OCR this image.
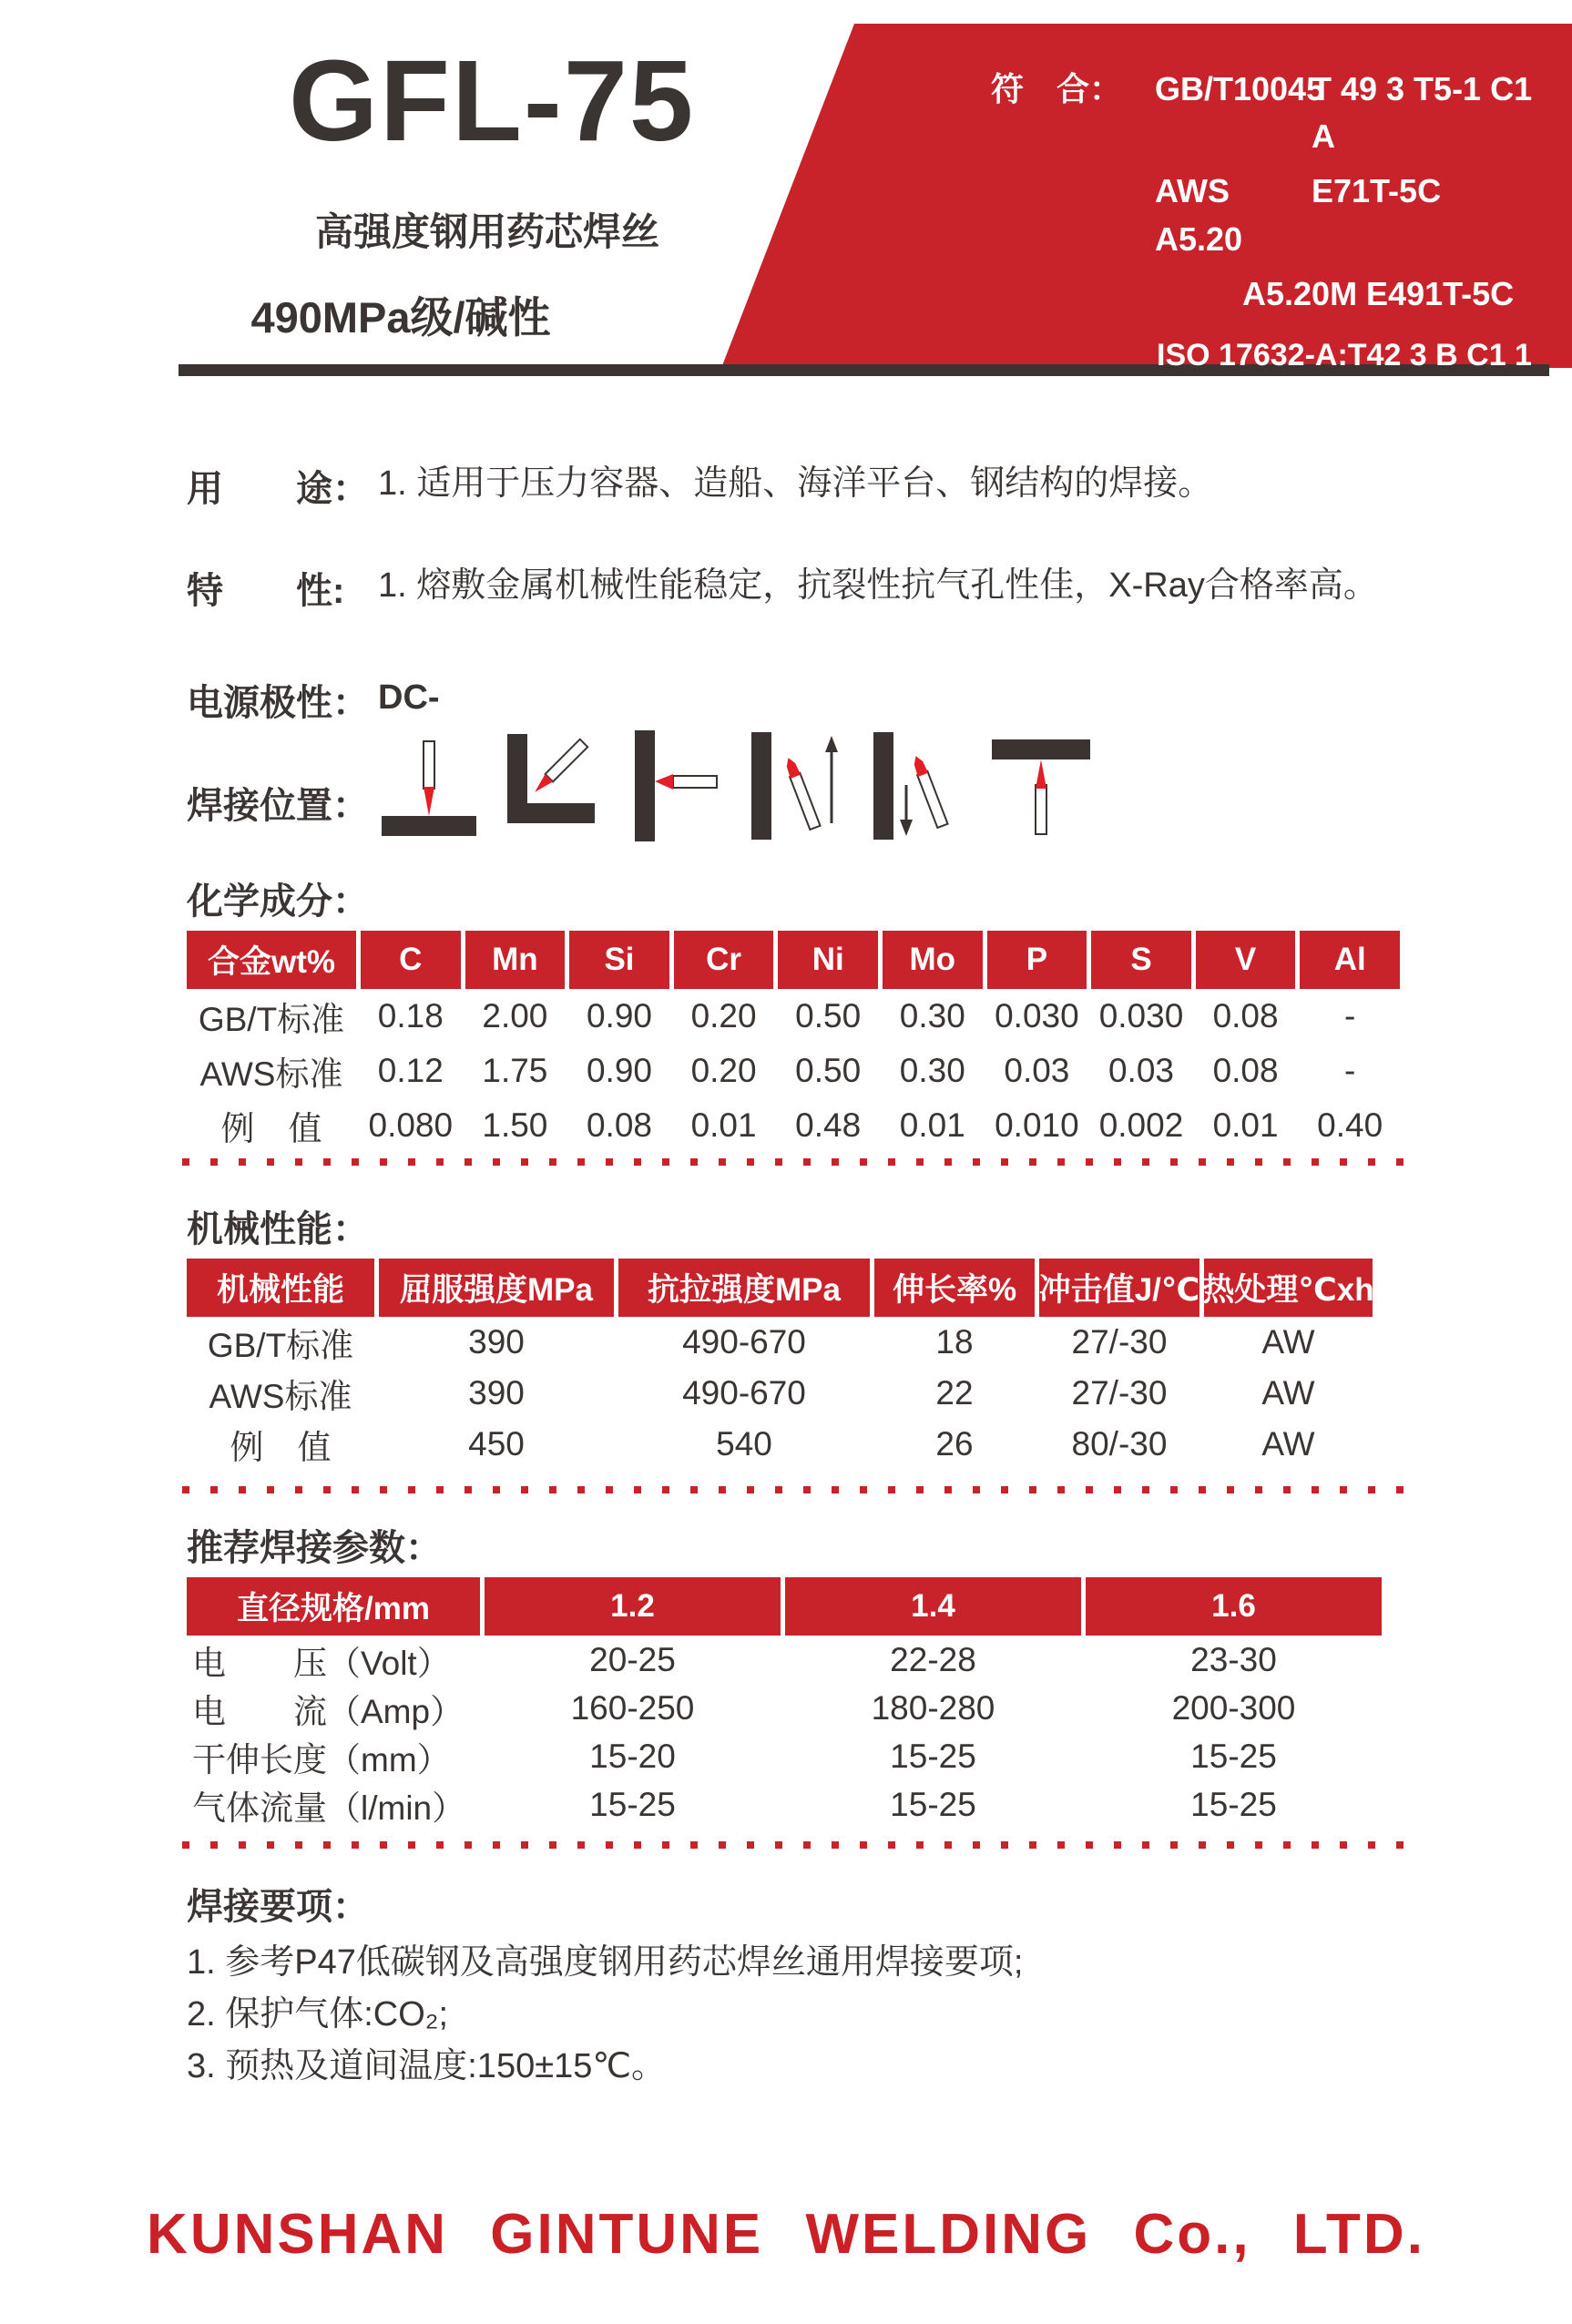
GFL-75
高强度钢用药芯焊丝
490MPa级/碱性
符　合： GB/T10045
T 49 3 T5-1 C1 A
AWS A5.20
E71T-5C
A5.20M E491T-5C
ISO 17632-A:T42 3 B C1 1
ISO 17632-B:T493T5-1C1-A
用　　途： 1. 适用于压力容器、造船、海洋平台、钢结构的焊接。
特　　性: 1. 熔敷金属机械性能稳定，抗裂性抗气孔性佳，X-Ray合格率高。
电源极性： DC-
焊接位置：
化学成分：
合金wt%	C	Mn	Si	Cr	Ni	Mo	P	S	V	Al
GB/T标准 0.18	2.00	0.90	0.20	0.50	0.30 0.030 0.030 0.08	-
AWS标准	0.12	1.75	0.90	0.20	0.50	0.30	0.03	0.03	0.08	-
例　值	0.080 1.50	0.08	0.01	0.48	0.01 0.010 0.002 0.01	0.40
机械性能：
机械性能	屈服强度MPa	抗拉强度MPa	伸长率% 冲击值J/℃ 热处理℃xh
GB/T标准	390	490-670	18	27/-30	AW
AWS标准	390	490-670	22	27/-30	AW
例　值	450	540	26	80/-30	AW
推荐焊接参数：
直径规格/mm	1.2	1.4	1.6
电　　压（Volt）	20-25	22-28	23-30
电　　流（Amp）	160-250	180-280	200-300
干伸长度（mm）	15-20	15-25	15-25
气体流量（l/min）	15-25	15-25	15-25
焊接要项：
1. 参考P47低碳钢及高强度钢用药芯焊丝通用焊接要项;
2. 保护气体:CO₂;
3. 预热及道间温度:150±15℃。
KUNSHAN GINTUNE WELDING Co., LTD.
